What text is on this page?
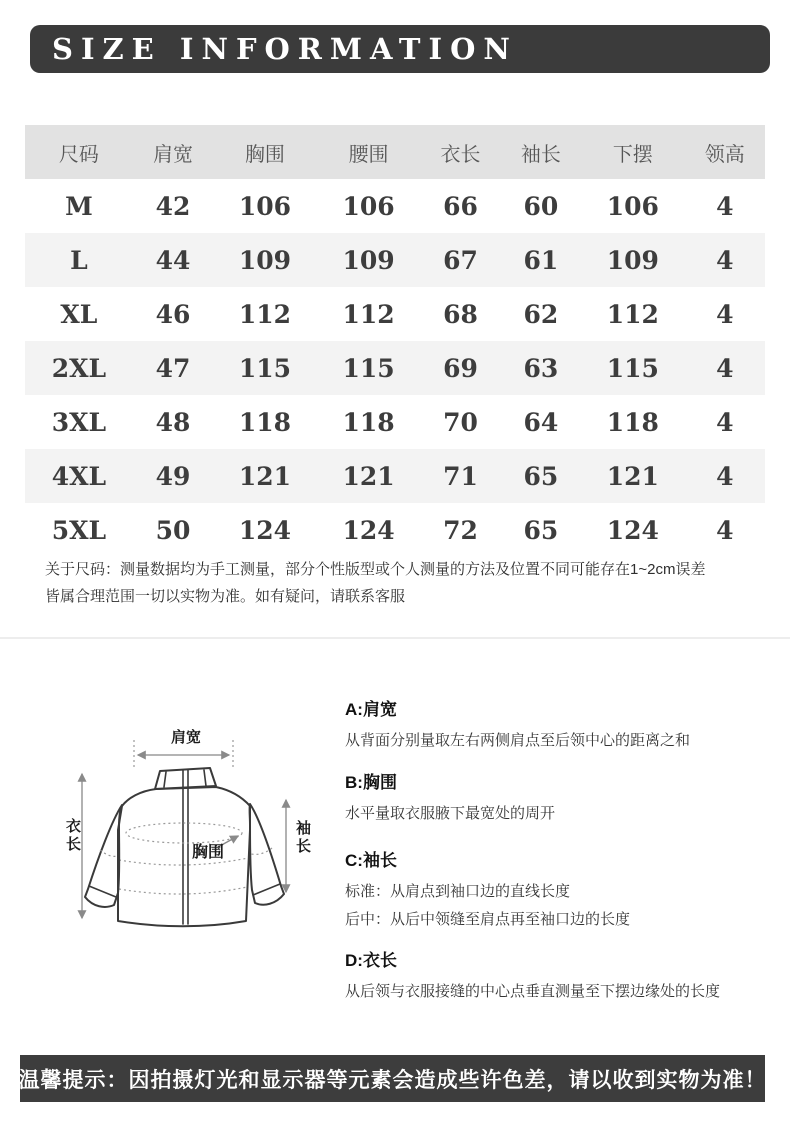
SIZE INFORMATION
尺码	肩宽	胸围	腰围	衣长	袖长	下摆	领高
M	42	106	106	66	60	106	4
L	44	109	109	67	61	109	4
XL	46	112	112	68	62	112	4
2XL	47	115	115	69	63	115	4
3XL	48	118	118	70	64	118	4
4XL	49	121	121	71	65	121	4
5XL	50	124	124	72	65	124	4
关于尺码：测量数据均为手工测量，部分个性版型或个人测量的方法及位置不同可能存在1~2cm误差
皆属合理范围一切以实物为准。如有疑问，请联系客服
肩宽
衣长	袖长
胸围
A:肩宽

从背面分别量取左右两侧肩点至后领中心的距离之和

B:胸围

水平量取衣服腋下最宽处的周开

C:袖长

标准：从肩点到袖口边的直线长度

后中：从后中领缝至肩点再至袖口边的长度

D:衣长

从后领与衣服接缝的中心点垂直测量至下摆边缘处的长度

温馨提示：因拍摄灯光和显示器等元素会造成些许色差，请以收到实物为准！
